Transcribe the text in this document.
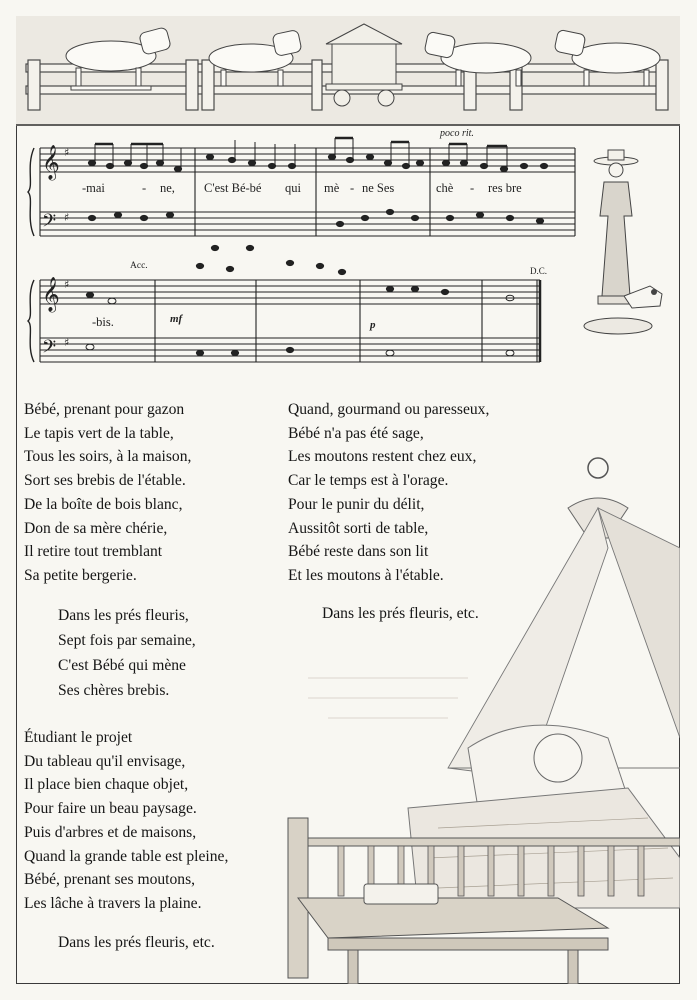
𝄞
𝄢
𝄞
𝄢
♯
♯
♯
♯
poco rit.
Acc.	D.C.
mf	p
-mai	- ne, C'est Bé-bé qui mè - ne Ses	chè - res bre
-bis.
Bébé, prenant pour gazon
Le tapis vert de la table,
Tous les soirs, à la maison,
Sort ses brebis de l'étable.
De la boîte de bois blanc,
Don de sa mère chérie,
Il retire tout tremblant
Sa petite bergerie.
Dans les prés fleuris,
Sept fois par semaine,
C'est Bébé qui mène
Ses chères brebis.
Étudiant le projet
Du tableau qu'il envisage,
Il place bien chaque objet,
Pour faire un beau paysage.
Puis d'arbres et de maisons,
Quand la grande table est pleine,
Bébé, prenant ses moutons,
Les lâche à travers la plaine.
Dans les prés fleuris, etc.
Quand, gourmand ou paresseux,
Bébé n'a pas été sage,
Les moutons restent chez eux,
Car le temps est à l'orage.
Pour le punir du délit,
Aussitôt sorti de table,
Bébé reste dans son lit
Et les moutons à l'étable.
Dans les prés fleuris, etc.
